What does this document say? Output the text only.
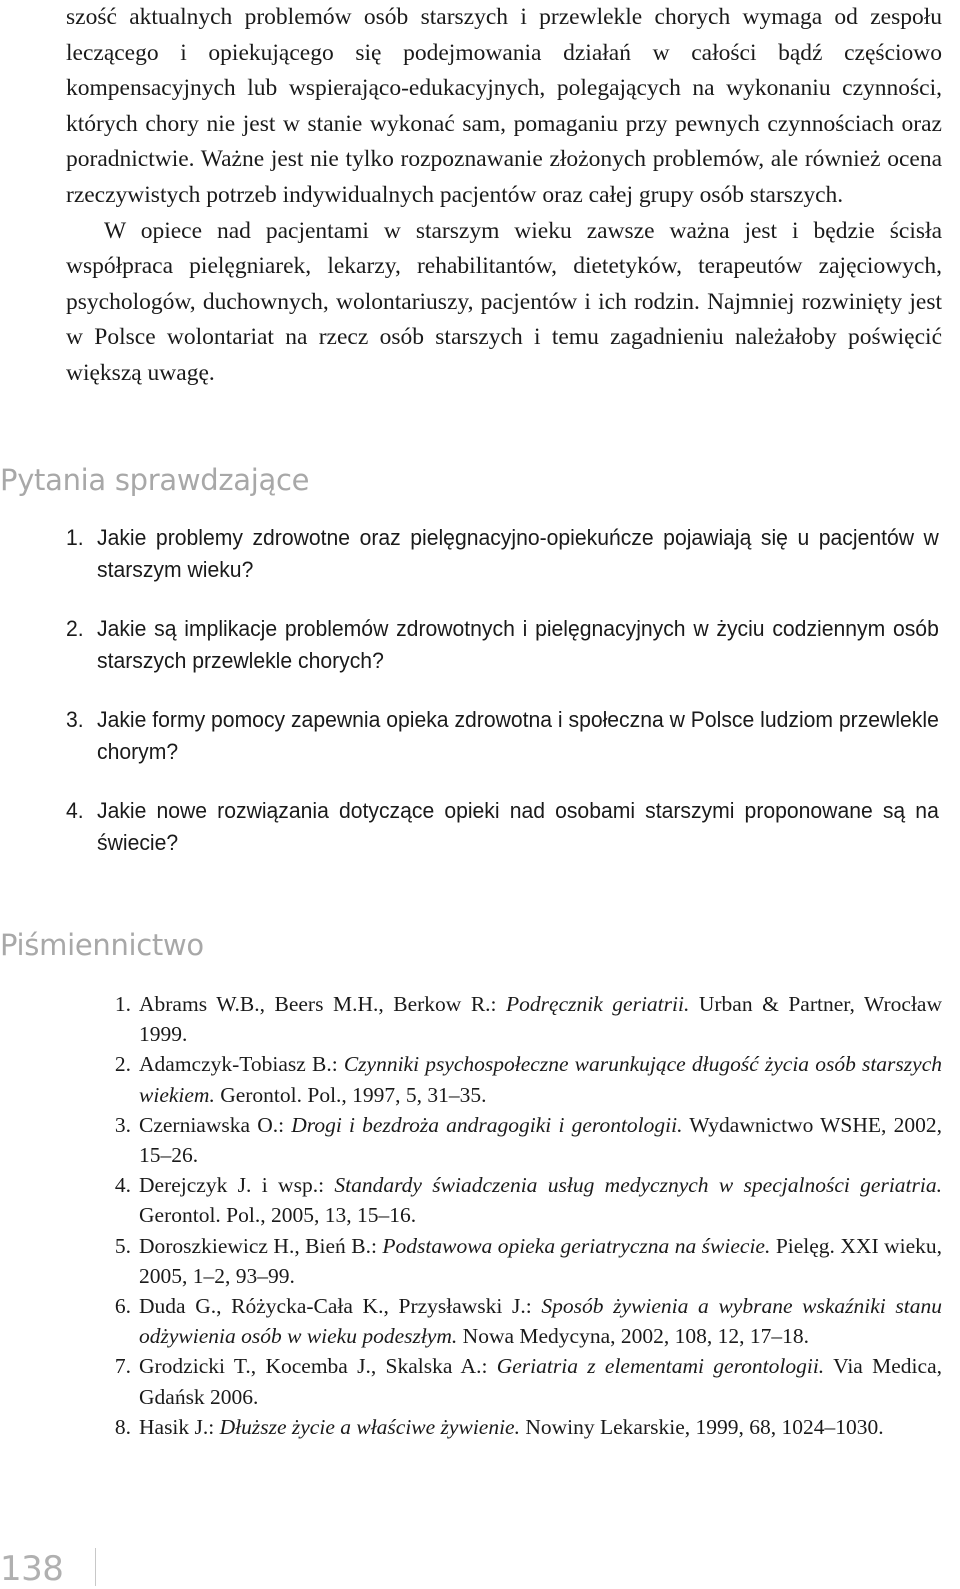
szość aktualnych problemów osób starszych i przewlekle chorych wymaga od zespołu leczącego i opiekującego się podejmowania działań w całości bądź częściowo kompensacyjnych lub wspierająco-edukacyjnych, polegających na wykonaniu czynności, których chory nie jest w stanie wykonać sam, pomaganiu przy pewnych czynnościach oraz poradnictwie. Ważne jest nie tylko rozpoznawanie złożonych problemów, ale również ocena rzeczywistych potrzeb indywidualnych pacjentów oraz całej grupy osób starszych.

W opiece nad pacjentami w starszym wieku zawsze ważna jest i będzie ścisła współpraca pielęgniarek, lekarzy, rehabilitantów, dietetyków, terapeutów zajęciowych, psychologów, duchownych, wolontariuszy, pacjentów i ich rodzin. Najmniej rozwinięty jest w Polsce wolontariat na rzecz osób starszych i temu zagadnieniu należałoby poświęcić większą uwagę.

Pytania sprawdzające
1. Jakie problemy zdrowotne oraz pielęgnacyjno-opiekuńcze pojawiają się u pacjentów w starszym wieku?
2. Jakie są implikacje problemów zdrowotnych i pielęgnacyjnych w życiu codziennym osób starszych przewlekle chorych?
3. Jakie formy pomocy zapewnia opieka zdrowotna i społeczna w Polsce ludziom przewlekle chorym?
4. Jakie nowe rozwiązania dotyczące opieki nad osobami starszymi proponowane są na świecie?
Piśmiennictwo
1. Abrams W.B., Beers M.H., Berkow R.: Podręcznik geriatrii. Urban & Partner, Wrocław 1999.
2. Adamczyk-Tobiasz B.: Czynniki psychospołeczne warunkujące długość życia osób starszych wiekiem. Gerontol. Pol., 1997, 5, 31–35.
3. Czerniawska O.: Drogi i bezdroża andragogiki i gerontologii. Wydawnictwo WSHE, 2002, 15–26.
4. Derejczyk J. i wsp.: Standardy świadczenia usług medycznych w specjalności geriatria. Gerontol. Pol., 2005, 13, 15–16.
5. Doroszkiewicz H., Bień B.: Podstawowa opieka geriatryczna na świecie. Pielęg. XXI wieku, 2005, 1–2, 93–99.
6. Duda G., Różycka-Cała K., Przysławski J.: Sposób żywienia a wybrane wskaźniki stanu odżywienia osób w wieku podeszłym. Nowa Medycyna, 2002, 108, 12, 17–18.
7. Grodzicki T., Kocemba J., Skalska A.: Geriatria z elementami gerontologii. Via Medica, Gdańsk 2006.
8. Hasik J.: Dłuższe życie a właściwe żywienie. Nowiny Lekarskie, 1999, 68, 1024–1030.
138
